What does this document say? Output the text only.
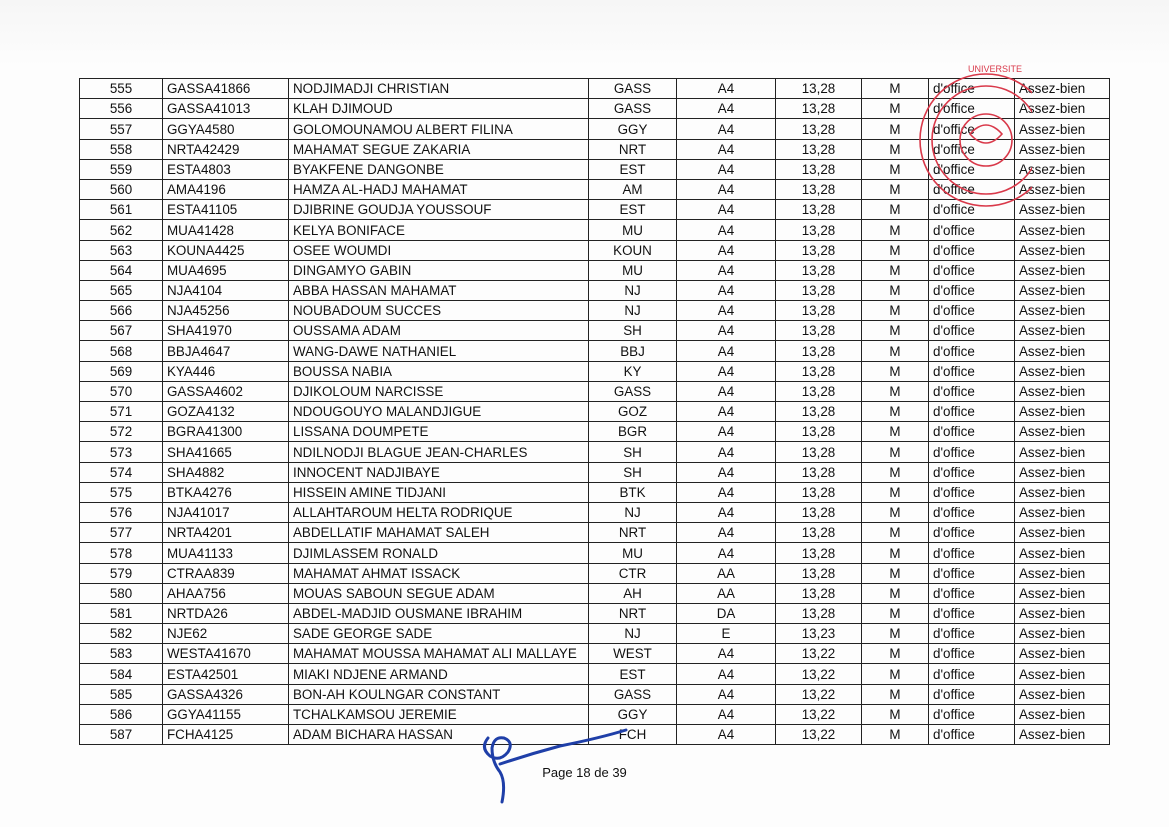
555	GASSA41866	NODJIMADJI CHRISTIAN	GASS	A4	13,28	M	d'office	Assez-bien
556	GASSA41013	KLAH DJIMOUD	GASS	A4	13,28	M	d'office	Assez-bien
557	GGYA4580	GOLOMOUNAMOU ALBERT FILINA	GGY	A4	13,28	M	d'office	Assez-bien
558	NRTA42429	MAHAMAT SEGUE ZAKARIA	NRT	A4	13,28	M	d'office	Assez-bien
559	ESTA4803	BYAKFENE DANGONBE	EST	A4	13,28	M	d'office	Assez-bien
560	AMA4196	HAMZA AL-HADJ MAHAMAT	AM	A4	13,28	M	d'office	Assez-bien
561	ESTA41105	DJIBRINE GOUDJA YOUSSOUF	EST	A4	13,28	M	d'office	Assez-bien
562	MUA41428	KELYA BONIFACE	MU	A4	13,28	M	d'office	Assez-bien
563	KOUNA4425	OSEE WOUMDI	KOUN	A4	13,28	M	d'office	Assez-bien
564	MUA4695	DINGAMYO GABIN	MU	A4	13,28	M	d'office	Assez-bien
565	NJA4104	ABBA HASSAN MAHAMAT	NJ	A4	13,28	M	d'office	Assez-bien
566	NJA45256	NOUBADOUM SUCCES	NJ	A4	13,28	M	d'office	Assez-bien
567	SHA41970	OUSSAMA ADAM	SH	A4	13,28	M	d'office	Assez-bien
568	BBJA4647	WANG-DAWE NATHANIEL	BBJ	A4	13,28	M	d'office	Assez-bien
569	KYA446	BOUSSA NABIA	KY	A4	13,28	M	d'office	Assez-bien
570	GASSA4602	DJIKOLOUM NARCISSE	GASS	A4	13,28	M	d'office	Assez-bien
571	GOZA4132	NDOUGOUYO MALANDJIGUE	GOZ	A4	13,28	M	d'office	Assez-bien
572	BGRA41300	LISSANA DOUMPETE	BGR	A4	13,28	M	d'office	Assez-bien
573	SHA41665	NDILNODJI BLAGUE JEAN-CHARLES	SH	A4	13,28	M	d'office	Assez-bien
574	SHA4882	INNOCENT NADJIBAYE	SH	A4	13,28	M	d'office	Assez-bien
575	BTKA4276	HISSEIN AMINE TIDJANI	BTK	A4	13,28	M	d'office	Assez-bien
576	NJA41017	ALLAHTAROUM HELTA RODRIQUE	NJ	A4	13,28	M	d'office	Assez-bien
577	NRTA4201	ABDELLATIF MAHAMAT SALEH	NRT	A4	13,28	M	d'office	Assez-bien
578	MUA41133	DJIMLASSEM RONALD	MU	A4	13,28	M	d'office	Assez-bien
579	CTRAA839	MAHAMAT AHMAT ISSACK	CTR	AA	13,28	M	d'office	Assez-bien
580	AHAA756	MOUAS SABOUN SEGUE ADAM	AH	AA	13,28	M	d'office	Assez-bien
581	NRTDA26	ABDEL-MADJID OUSMANE IBRAHIM	NRT	DA	13,28	M	d'office	Assez-bien
582	NJE62	SADE GEORGE SADE	NJ	E	13,23	M	d'office	Assez-bien
583	WESTA41670	MAHAMAT MOUSSA MAHAMAT ALI MALLAYE	WEST	A4	13,22	M	d'office	Assez-bien
584	ESTA42501	MIAKI NDJENE ARMAND	EST	A4	13,22	M	d'office	Assez-bien
585	GASSA4326	BON-AH KOULNGAR CONSTANT	GASS	A4	13,22	M	d'office	Assez-bien
586	GGYA41155	TCHALKAMSOU JEREMIE	GGY	A4	13,22	M	d'office	Assez-bien
587	FCHA4125	ADAM BICHARA HASSAN	FCH	A4	13,22	M	d'office	Assez-bien
UNIVERSITE
Page 18 de 39
